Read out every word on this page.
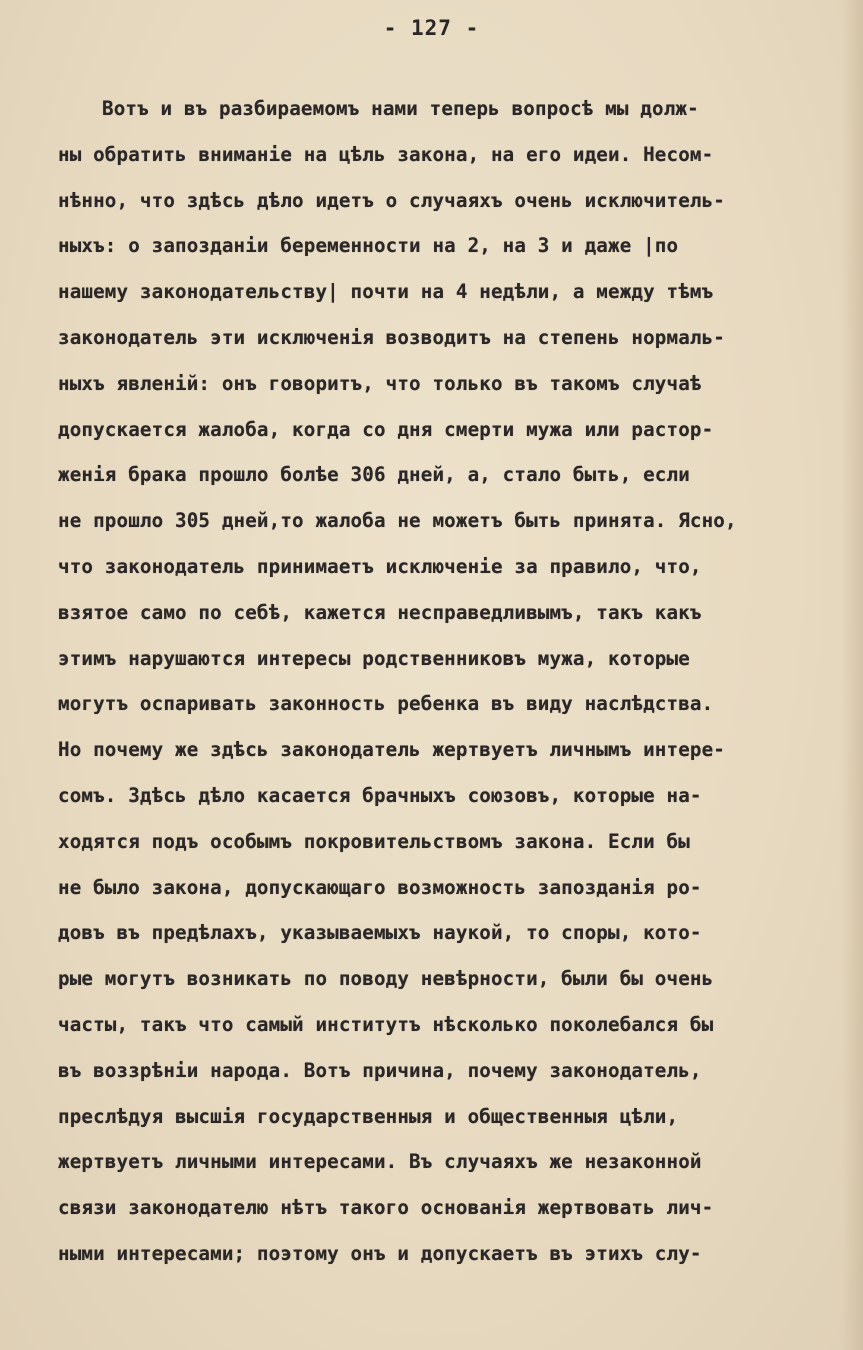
- 127 -
Вотъ и въ разбираемомъ нами теперь вопросѣ мы долж-
ны обратить вниманіе на цѣль закона, на его идеи. Несом-
нѣнно, что здѣсь дѣло идетъ о случаяхъ очень исключитель-
ныхъ: о запозданіи беременности на 2, на 3 и даже |по
нашему законодательству| почти на 4 недѣли, а между тѣмъ
законодатель эти исключенія возводитъ на степень нормаль-
ныхъ явленій: онъ говоритъ, что только въ такомъ случаѣ
допускается жалоба, когда со дня смерти мужа или растор-
женія брака прошло болѣе 306 дней, а, стало быть, если
не прошло 305 дней,то жалоба не можетъ быть принята. Ясно,
что законодатель принимаетъ исключеніе за правило, что,
взятое само по себѣ, кажется несправедливымъ, такъ какъ
этимъ нарушаются интересы родственниковъ мужа, которые
могутъ оспаривать законность ребенка въ виду наслѣдства.
Но почему же здѣсь законодатель жертвуетъ личнымъ интере-
сомъ. Здѣсь дѣло касается брачныхъ союзовъ, которые на-
ходятся подъ особымъ покровительствомъ закона. Если бы
не было закона, допускающаго возможность запозданія ро-
довъ въ предѣлахъ, указываемыхъ наукой, то споры, кото-
рые могутъ возникать по поводу невѣрности, были бы очень
часты, такъ что самый институтъ нѣсколько поколебался бы
въ воззрѣніи народа. Вотъ причина, почему законодатель,
преслѣдуя высшія государственныя и общественныя цѣли,
жертвуетъ личными интересами. Въ случаяхъ же незаконной
связи законодателю нѣтъ такого основанія жертвовать лич-
ными интересами; поэтому онъ и допускаетъ въ этихъ слу-
